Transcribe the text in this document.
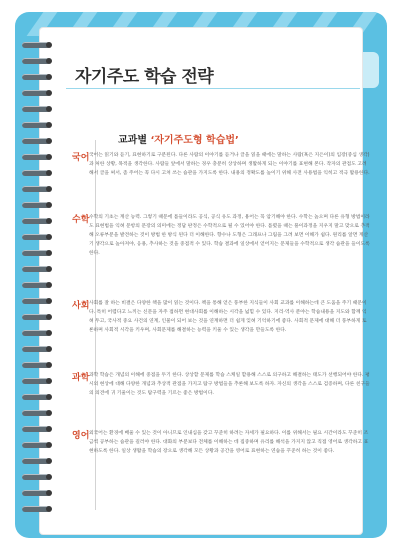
자기주도 학습 전략
교과별 ‘자기주도형 학습법’
국어 국어는 읽기와 듣기, 표현하기로 구분된다. 다른 사람의 이야기를 듣거나 글을 읽을 때에는 말하는 사람(혹은 지은이)의 입장(중심 생각)과 처한 상황, 목적을 생각한다. 사람들 앞에서 말하는 경우 충분히 상상하며 생활하게 되는 이야기를 표현해 본다. 작자의 관점도 고려해서 글을 써서, 좀 주어는 꼭 다시 고쳐 쓰는 습관을 가지도록 한다. 내용의 정확도를 높이기 위해 사전 사용법을 익히고 적극 활용한다.
수학 수학의 기초는 계산 능력. 그렇기 때문에 틀들이라도 공식, 공식 유도 과정, 용어는 꼭 암기해야 한다. 수학는 높으며 다른 유형 방법이라도 표현법을 익혀 문항의 문장의 의미에는 정답 판정은 수학적으로 될 수 있어야 한다. 틀렸을 때는 풀이과정을 지우지 말고 맞으로 추적해 오류부분을 발견하는 것이 방법 한 방식 된다 더 이해한다. 향수나 도형은 그래프나 그림을 그려 보면 이해가 쉽다. 원리를 알면 계산기 생각으로 높아져야, 응용, 추사하는 것을 중점적 수 있다. 학습 결과에 일상에서 얻어지는 문제들을 수학적으로 생각 습관을 들이도록 한다.
사회 사회를 잘 하는 비결은 다양한 책을 많이 읽는 것이다. 책을 통해 얻은 풍부한 지식들이 사회 교과를 이해하는데 큰 도움을 주기 때문이다. 특히 어렵다고 느끼는 신문을 자주 접하면 현대사회를 이해하는 시각을 넓힐 수 있다. 지리·역사 분야는 학습내용을 지도와 함께 익혀 두고, 국사적 중요 사건의 연계, 인물이 되어 보는 것을 연계하면 더 쉽게 잊혀 기억하기에 좋다. 사회적 문제에 대해 더 풍부하게 토론하며 사회적 시각을 키우며, 사회문제를 해결하는 능력을 키울 수 있는 생각을 만들도록 한다.
과학 과학 학습은 개념의 이해에 중점을 두기 한다. 상상할 문제를 학습 스케일 할용해 스스로 의구하고 해결하는 태도가 선행되어야 한다. 평시의 현상에 대해 다양한 개념과 추상적 관점을 가지고 탐구 방법들을 추론해 보도록 하자. 자신의 생각을 스스로 검증하며, 다른 친구들의 의견에 귀 기울이는 것도 탐구력을 기르는 좋은 방법이다.
영어 외국어는 환경에 배울 수 있는 것이 아니므로 인내심을 갖고 꾸준히 하려는 자세가 필요하다. 이를 위해서는 필요 시간이라도 꾸준히 조금씩 공부하는 습관을 길러야 한다. 대화의 부분보다 전체를 이해하는 데 집중하며 유리를 해석을 가지지 않고 직접 영어로 생각하고 표현하도록 한다. 일상 생활을 학습의 장으로 생각해 모든 상황과 공간을 영어로 표현하는 연습을 꾸준히 하는 것이 좋다.
